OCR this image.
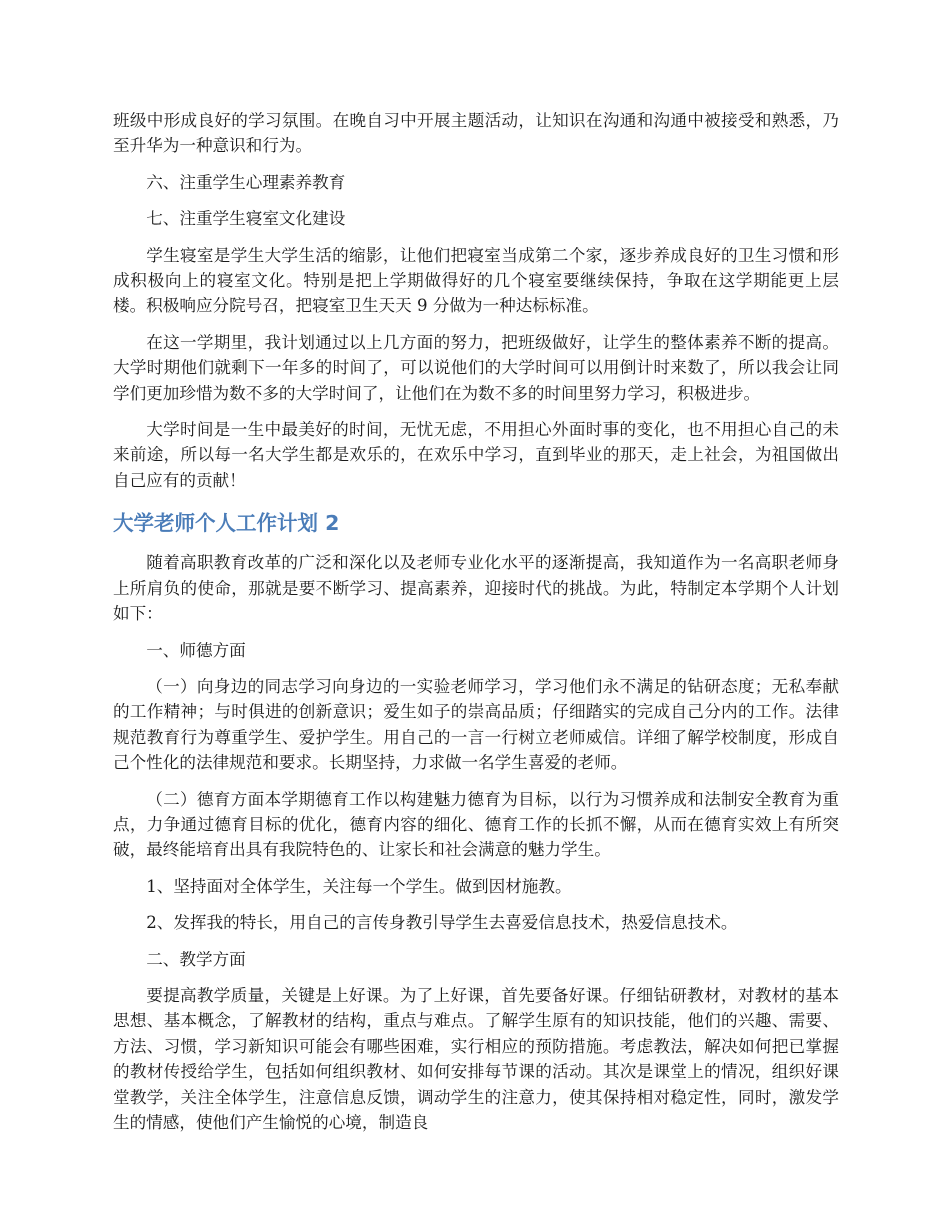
班级中形成良好的学习氛围。在晚自习中开展主题活动，让知识在沟通和沟通中被接受和熟悉，乃至升华为一种意识和行为。

六、注重学生心理素养教育

七、注重学生寝室文化建设

学生寝室是学生大学生活的缩影，让他们把寝室当成第二个家，逐步养成良好的卫生习惯和形成积极向上的寝室文化。特别是把上学期做得好的几个寝室要继续保持，争取在这学期能更上层楼。积极响应分院号召，把寝室卫生天天 9 分做为一种达标标准。

在这一学期里，我计划通过以上几方面的努力，把班级做好，让学生的整体素养不断的提高。大学时期他们就剩下一年多的时间了，可以说他们的大学时间可以用倒计时来数了，所以我会让同学们更加珍惜为数不多的大学时间了，让他们在为数不多的时间里努力学习，积极进步。

大学时间是一生中最美好的时间，无忧无虑，不用担心外面时事的变化，也不用担心自己的未来前途，所以每一名大学生都是欢乐的，在欢乐中学习，直到毕业的那天，走上社会，为祖国做出自己应有的贡献！

大学老师个人工作计划 2

随着高职教育改革的广泛和深化以及老师专业化水平的逐渐提高，我知道作为一名高职老师身上所肩负的使命，那就是要不断学习、提高素养，迎接时代的挑战。为此，特制定本学期个人计划如下：

一、师德方面

（一）向身边的同志学习向身边的一实验老师学习，学习他们永不满足的钻研态度；无私奉献的工作精神；与时俱进的创新意识；爱生如子的崇高品质；仔细踏实的完成自己分内的工作。法律规范教育行为尊重学生、爱护学生。用自己的一言一行树立老师威信。详细了解学校制度，形成自己个性化的法律规范和要求。长期坚持，力求做一名学生喜爱的老师。

（二）德育方面本学期德育工作以构建魅力德育为目标，以行为习惯养成和法制安全教育为重点，力争通过德育目标的优化，德育内容的细化、德育工作的长抓不懈，从而在德育实效上有所突破，最终能培育出具有我院特色的、让家长和社会满意的魅力学生。

1、坚持面对全体学生，关注每一个学生。做到因材施教。

2、发挥我的特长，用自己的言传身教引导学生去喜爱信息技术，热爱信息技术。

二、教学方面

要提高教学质量，关键是上好课。为了上好课，首先要备好课。仔细钻研教材，对教材的基本思想、基本概念，了解教材的结构，重点与难点。了解学生原有的知识技能，他们的兴趣、需要、方法、习惯，学习新知识可能会有哪些困难，实行相应的预防措施。考虑教法，解决如何把已掌握的教材传授给学生，包括如何组织教材、如何安排每节课的活动。其次是课堂上的情况，组织好课堂教学，关注全体学生，注意信息反馈，调动学生的注意力，使其保持相对稳定性，同时，激发学生的情感，使他们产生愉悦的心境，制造良
